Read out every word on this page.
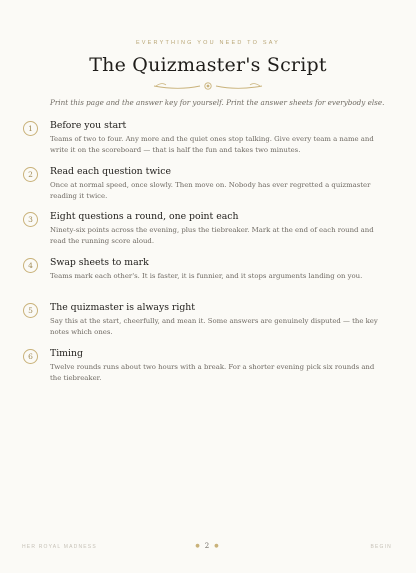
EVERYTHING YOU NEED TO SAY
The Quizmaster's Script
Print this page and the answer key for yourself. Print the answer sheets for everybody else.
1	Before you start
Teams of two to four. Any more and the quiet ones stop talking. Give every team a name and write it on the scoreboard — that is half the fun and takes two minutes.
2	Read each question twice
Once at normal speed, once slowly. Then move on. Nobody has ever regretted a quizmaster reading it twice.
3	Eight questions a round, one point each
Ninety-six points across the evening, plus the tiebreaker. Mark at the end of each round and read the running score aloud.
4	Swap sheets to mark
Teams mark each other's. It is faster, it is funnier, and it stops arguments landing on you.
5	The quizmaster is always right
Say this at the start, cheerfully, and mean it. Some answers are genuinely disputed — the key notes which ones.
6	Timing
Twelve rounds runs about two hours with a break. For a shorter evening pick six rounds and the tiebreaker.
HER ROYAL MADNESS	● 2 ●	BEGIN
